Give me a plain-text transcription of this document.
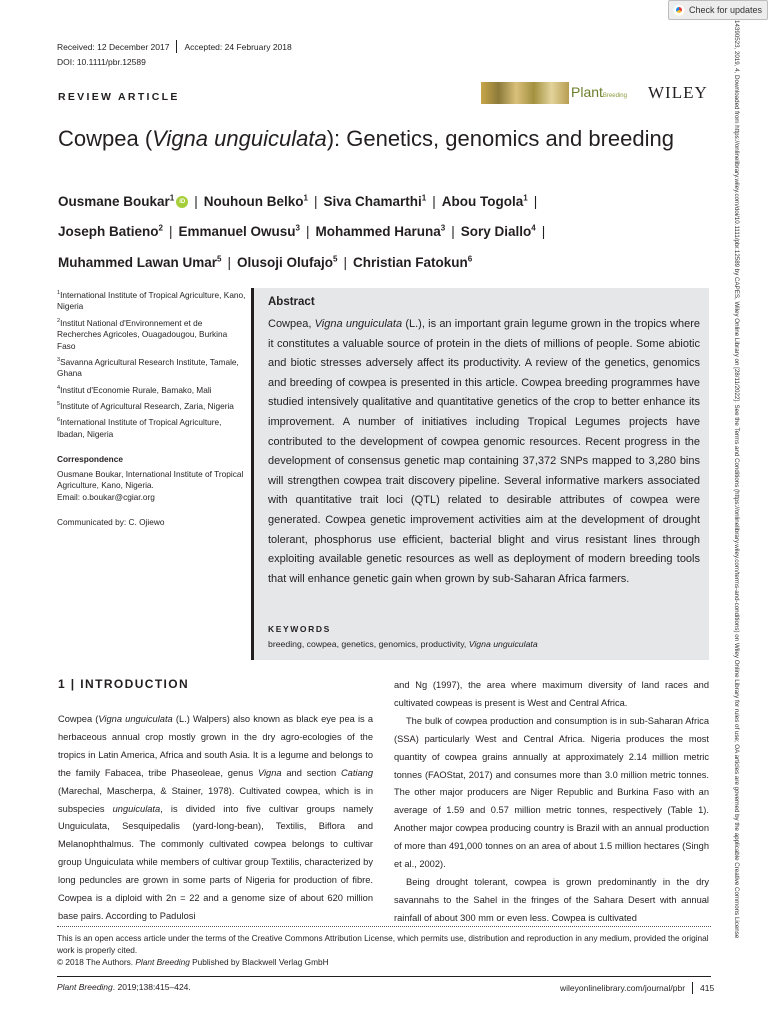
Check for updates
14390523, 2019, 4, Downloaded from https://onlinelibrary.wiley.com/doi/10.1111/pbr.12589 by CAPES, Wiley Online Library on [28/11/2022]. See the Terms and Conditions (https://onlinelibrary.wiley.com/terms-and-conditions) on Wiley Online Library for rules of use; OA articles are governed by the applicable Creative Commons License
Received: 12 December 2017 Accepted: 24 February 2018
DOI: 10.1111/pbr.12589
REVIEW ARTICLE	PlantBreeding WILEY
Cowpea (Vigna unguiculata): Genetics, genomics and breeding
Ousmane Boukar$^1$ iD | Nouhoun Belko$^1$ | Siva Chamarthi$^1$ | Abou Togola$^1$ |
Joseph Batieno$^2$ | Emmanuel Owusu$^3$ | Mohammed Haruna$^3$ | Sory Diallo$^4$ |
Muhammed Lawan Umar$^5$ | Olusoji Olufajo$^5$ | Christian Fatokun$^6$

$^1$International Institute of Tropical Agriculture, Kano, Nigeria

$^2$Institut National d'Environnement et de Recherches Agricoles, Ouagadougou, Burkina Faso

$^3$Savanna Agricultural Research Institute, Tamale, Ghana

$^4$Institut d'Economie Rurale, Bamako, Mali

$^5$Institute of Agricultural Research, Zaria, Nigeria

$^6$International Institute of Tropical Agriculture, Ibadan, Nigeria

Correspondence

Ousmane Boukar, International Institute of Tropical Agriculture, Kano, Nigeria.
Email: o.boukar@cgiar.org

Communicated by: C. Ojiewo

Abstract
Cowpea, Vigna unguiculata (L.), is an important grain legume grown in the tropics where it constitutes a valuable source of protein in the diets of millions of people. Some abiotic and biotic stresses adversely affect its productivity. A review of the genetics, genomics and breeding of cowpea is presented in this article. Cowpea breeding programmes have studied intensively qualitative and quantitative genetics of the crop to better enhance its improvement. A number of initiatives including Tropical Legumes projects have contributed to the development of cowpea genomic resources. Recent progress in the development of consensus genetic map containing 37,372 SNPs mapped to 3,280 bins will strengthen cowpea trait discovery pipeline. Several informative markers associated with quantitative trait loci (QTL) related to desirable attributes of cowpea were generated. Cowpea genetic improvement activities aim at the development of drought tolerant, phosphorus use efficient, bacterial blight and virus resistant lines through exploiting available genetic resources as well as deployment of modern breeding tools that will enhance genetic gain when grown by sub-Saharan Africa farmers.
KEYWORDS
breeding, cowpea, genetics, genomics, productivity, Vigna unguiculata
1 | INTRODUCTION

Cowpea (Vigna unguiculata (L.) Walpers) also known as black eye pea is a herbaceous annual crop mostly grown in the dry agro-ecologies of the tropics in Latin America, Africa and south Asia. It is a legume and belongs to the family Fabacea, tribe Phaseoleae, genus Vigna and section Catiang (Marechal, Mascherpa, & Stainer, 1978). Cultivated cowpea, which is in subspecies unguiculata, is divided into five cultivar groups namely Unguiculata, Sesquipedalis (yard-long-bean), Textilis, Biflora and Melanophthalmus. The commonly cultivated cowpea belongs to cultivar group Unguiculata while members of cultivar group Textilis, characterized by long peduncles are grown in some parts of Nigeria for production of fibre. Cowpea is a diploid with 2n = 22 and a genome size of about 620 million base pairs. According to Padulosi

and Ng (1997), the area where maximum diversity of land races and cultivated cowpeas is present is West and Central Africa.

The bulk of cowpea production and consumption is in sub-Saharan Africa (SSA) particularly West and Central Africa. Nigeria produces the most quantity of cowpea grains annually at approximately 2.14 million metric tonnes (FAOStat, 2017) and consumes more than 3.0 million metric tonnes. The other major producers are Niger Republic and Burkina Faso with an average of 1.59 and 0.57 million metric tonnes, respectively (Table 1). Another major cowpea producing country is Brazil with an annual production of more than 491,000 tonnes on an area of about 1.5 million hectares (Singh et al., 2002).

Being drought tolerant, cowpea is grown predominantly in the dry savannahs to the Sahel in the fringes of the Sahara Desert with annual rainfall of about 300 mm or even less. Cowpea is cultivated

This is an open access article under the terms of the Creative Commons Attribution License, which permits use, distribution and reproduction in any medium, provided the original work is properly cited.
© 2018 The Authors. Plant Breeding Published by Blackwell Verlag GmbH
Plant Breeding. 2019;138:415–424.	wileyonlinelibrary.com/journal/pbr 415
